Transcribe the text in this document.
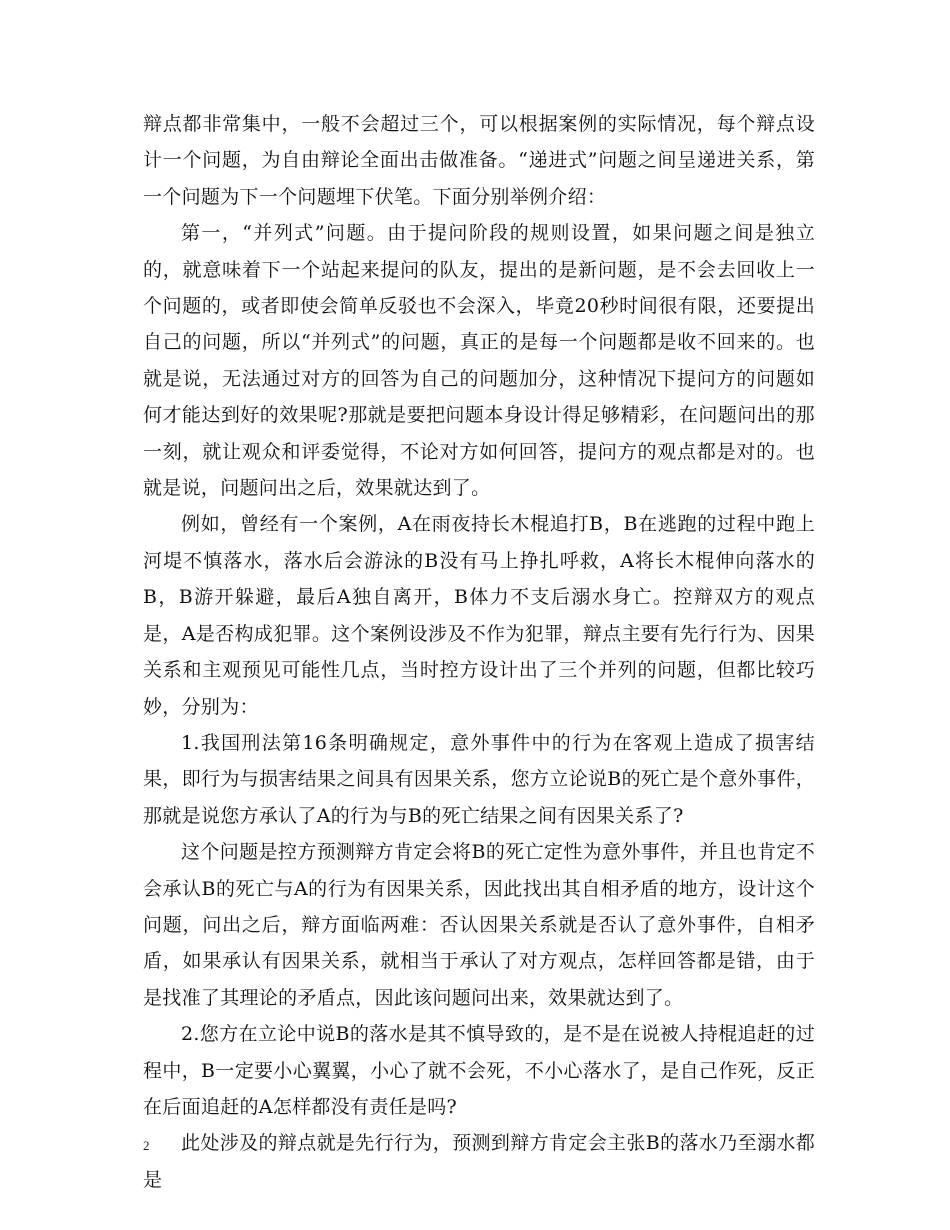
辩点都非常集中，一般不会超过三个，可以根据案例的实际情况，每个辩点设计一个问题，为自由辩论全面出击做准备。“递进式”问题之间呈递进关系，第一个问题为下一个问题埋下伏笔。下面分别举例介绍：

第一，“并列式”问题。由于提问阶段的规则设置，如果问题之间是独立的，就意味着下一个站起来提问的队友，提出的是新问题，是不会去回收上一个问题的，或者即使会简单反驳也不会深入，毕竟20秒时间很有限，还要提出自己的问题，所以“并列式”的问题，真正的是每一个问题都是收不回来的。也就是说，无法通过对方的回答为自己的问题加分，这种情况下提问方的问题如何才能达到好的效果呢?那就是要把问题本身设计得足够精彩，在问题问出的那一刻，就让观众和评委觉得，不论对方如何回答，提问方的观点都是对的。也就是说，问题问出之后，效果就达到了。

例如，曾经有一个案例，A在雨夜持长木棍追打B，B在逃跑的过程中跑上河堤不慎落水，落水后会游泳的B没有马上挣扎呼救，A将长木棍伸向落水的B，B游开躲避，最后A独自离开，B体力不支后溺水身亡。控辩双方的观点是，A是否构成犯罪。这个案例设涉及不作为犯罪，辩点主要有先行行为、因果关系和主观预见可能性几点，当时控方设计出了三个并列的问题，但都比较巧妙，分别为：

1.我国刑法第16条明确规定，意外事件中的行为在客观上造成了损害结果，即行为与损害结果之间具有因果关系，您方立论说B的死亡是个意外事件，那就是说您方承认了A的行为与B的死亡结果之间有因果关系了?

这个问题是控方预测辩方肯定会将B的死亡定性为意外事件，并且也肯定不会承认B的死亡与A的行为有因果关系，因此找出其自相矛盾的地方，设计这个问题，问出之后，辩方面临两难：否认因果关系就是否认了意外事件，自相矛盾，如果承认有因果关系，就相当于承认了对方观点，怎样回答都是错，由于是找准了其理论的矛盾点，因此该问题问出来，效果就达到了。

2.您方在立论中说B的落水是其不慎导致的，是不是在说被人持棍追赶的过程中，B一定要小心翼翼，小心了就不会死，不小心落水了，是自己作死，反正在后面追赶的A怎样都没有责任是吗?

此处涉及的辩点就是先行行为，预测到辩方肯定会主张B的落水乃至溺水都是

2
